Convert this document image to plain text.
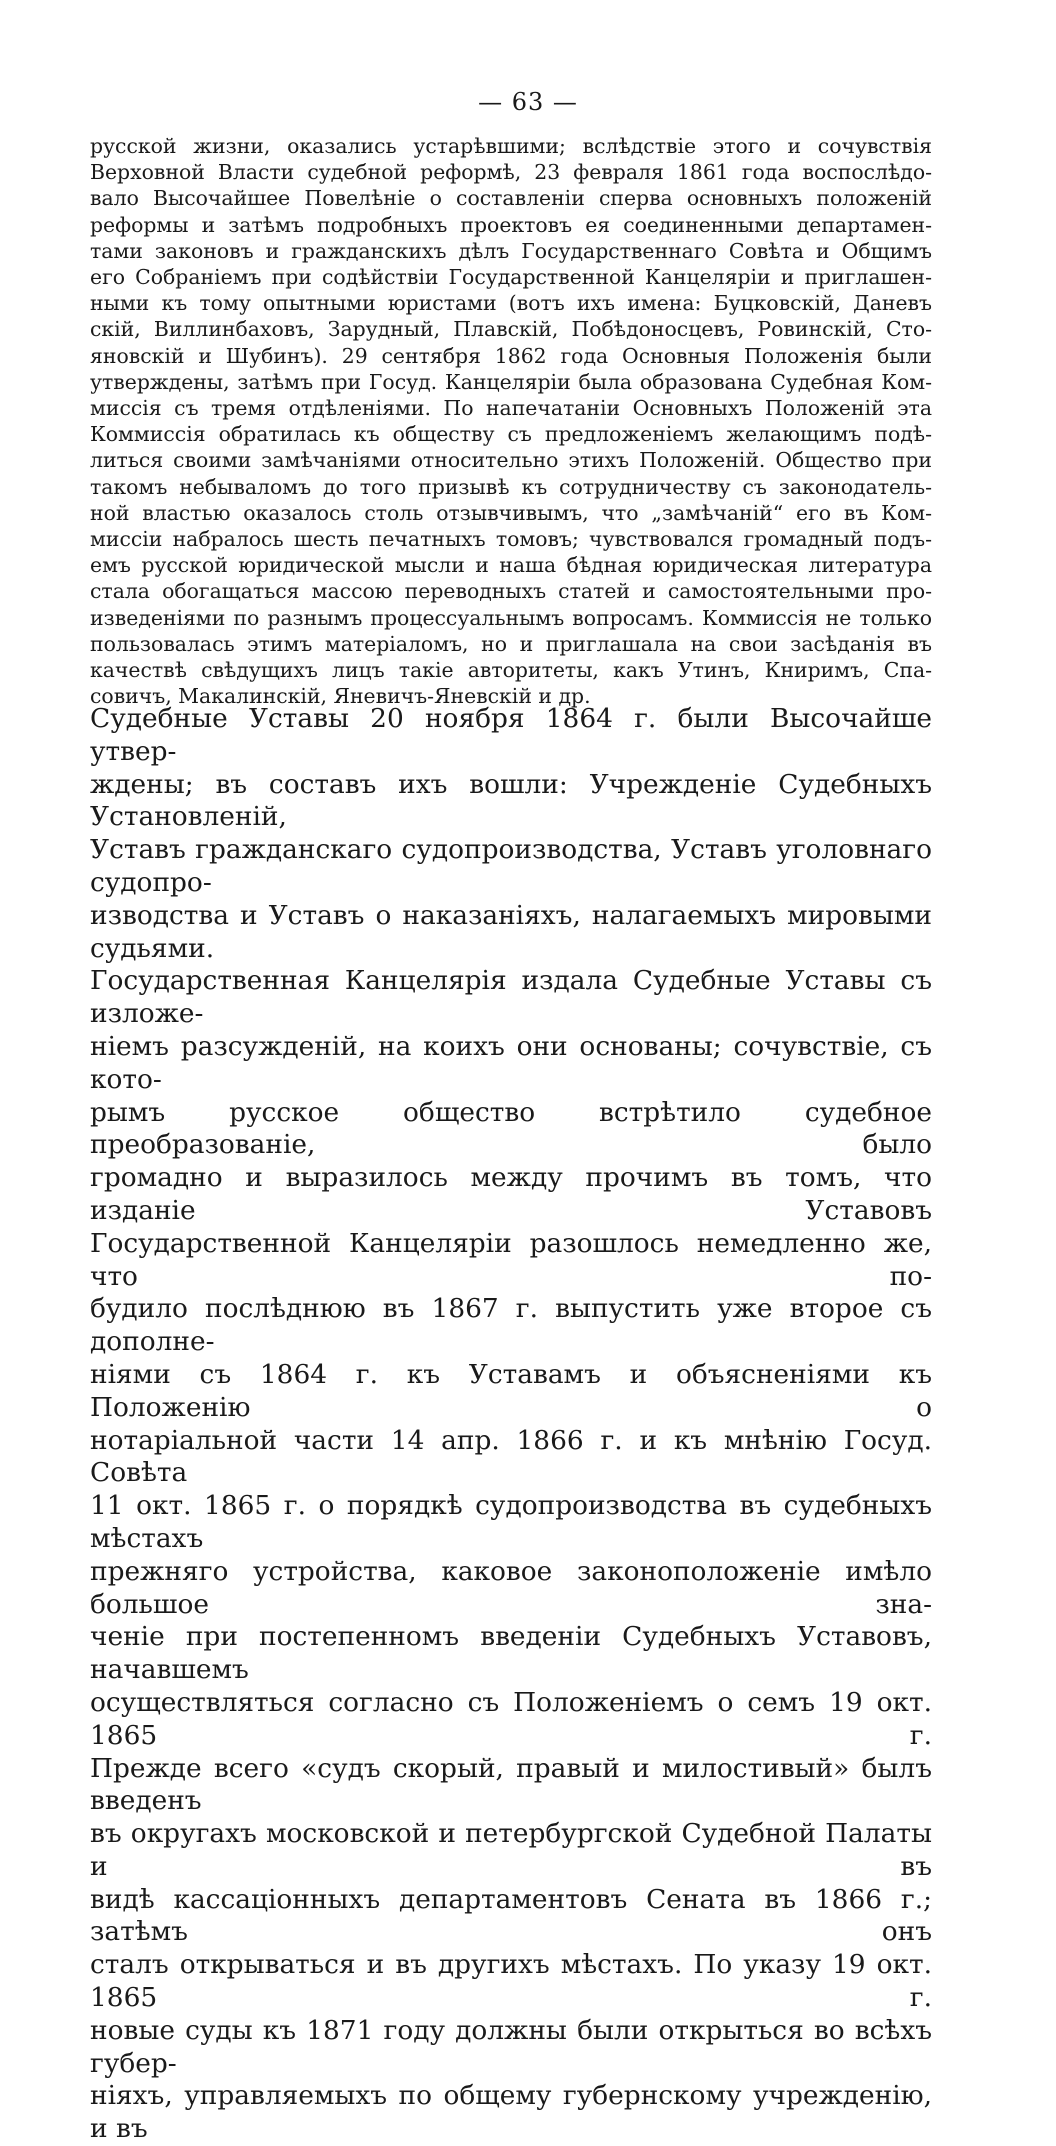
— 63 —

русской жизни, оказались устарѣвшими; вслѣдствіе этого и сочувствія
Верховной Власти судебной реформѣ, 23 февраля 1861 года воспослѣдо-
вало Высочайшее Повелѣніе о составленіи сперва основныхъ положеній
реформы и затѣмъ подробныхъ проектовъ ея соединенными департамен-
тами законовъ и гражданскихъ дѣлъ Государственнаго Совѣта и Общимъ
его Собраніемъ при содѣйствіи Государственной Канцеляріи и приглашен-
ными къ тому опытными юристами (вотъ ихъ имена: Буцковскій, Даневъ
скій, Виллинбаховъ, Зарудный, Плавскій, Побѣдоносцевъ, Ровинскій, Сто-
яновскій и Шубинъ). 29 сентября 1862 года Основныя Положенія были
утверждены, затѣмъ при Госуд. Канцеляріи была образована Судебная Ком-
миссія съ тремя отдѣленіями. По напечатаніи Основныхъ Положеній эта
Коммиссія обратилась къ обществу съ предложеніемъ желающимъ подѣ-
литься своими замѣчаніями относительно этихъ Положеній. Общество при
такомъ небываломъ до того призывѣ къ сотрудничеству съ законодатель-
ной властью оказалось столь отзывчивымъ, что „замѣчаній“ его въ Ком-
миссіи набралось шесть печатныхъ томовъ; чувствовался громадный подъ-
емъ русской юридической мысли и наша бѣдная юридическая литература
стала обогащаться массою переводныхъ статей и самостоятельными про-
изведеніями по разнымъ процессуальнымъ вопросамъ. Коммиссія не только
пользовалась этимъ матеріаломъ, но и приглашала на свои засѣданія въ
качествѣ свѣдущихъ лицъ такіе авторитеты, какъ Утинъ, Книримъ, Спа-
совичъ, Макалинскій, Яневичъ-Яневскій и др.
Судебные Уставы 20 ноября 1864 г. были Высочайше утвер-
ждены; въ составъ ихъ вошли: Учрежденіе Судебныхъ Установленій,
Уставъ гражданскаго судопроизводства, Уставъ уголовнаго судопро-
изводства и Уставъ о наказаніяхъ, налагаемыхъ мировыми судьями.
Государственная Канцелярія издала Судебные Уставы съ изложе-
ніемъ разсужденій, на коихъ они основаны; сочувствіе, съ кото-
рымъ русское общество встрѣтило судебное преобразованіе, было
громадно и выразилось между прочимъ въ томъ, что изданіе Уставовъ
Государственной Канцеляріи разошлось немедленно же, что по-
будило послѣднюю въ 1867 г. выпустить уже второе съ дополне-
ніями съ 1864 г. къ Уставамъ и объясненіями къ Положенію о
нотаріальной части 14 апр. 1866 г. и къ мнѣнію Госуд. Совѣта
11 окт. 1865 г. о порядкѣ судопроизводства въ судебныхъ мѣстахъ
прежняго устройства, каковое законоположеніе имѣло большое зна-
ченіе при постепенномъ введеніи Судебныхъ Уставовъ, начавшемъ
осуществляться согласно съ Положеніемъ о семъ 19 окт. 1865 г.
Прежде всего «судъ скорый, правый и милостивый» былъ введенъ
въ округахъ московской и петербургской Судебной Палаты и въ
видѣ кассаціонныхъ департаментовъ Сената въ 1866 г.; затѣмъ онъ
сталъ открываться и въ другихъ мѣстахъ. По указу 19 окт. 1865 г.
новые суды къ 1871 году должны были открыться во всѣхъ губер-
ніяхъ, управляемыхъ по общему губернскому учрежденію, и въ
